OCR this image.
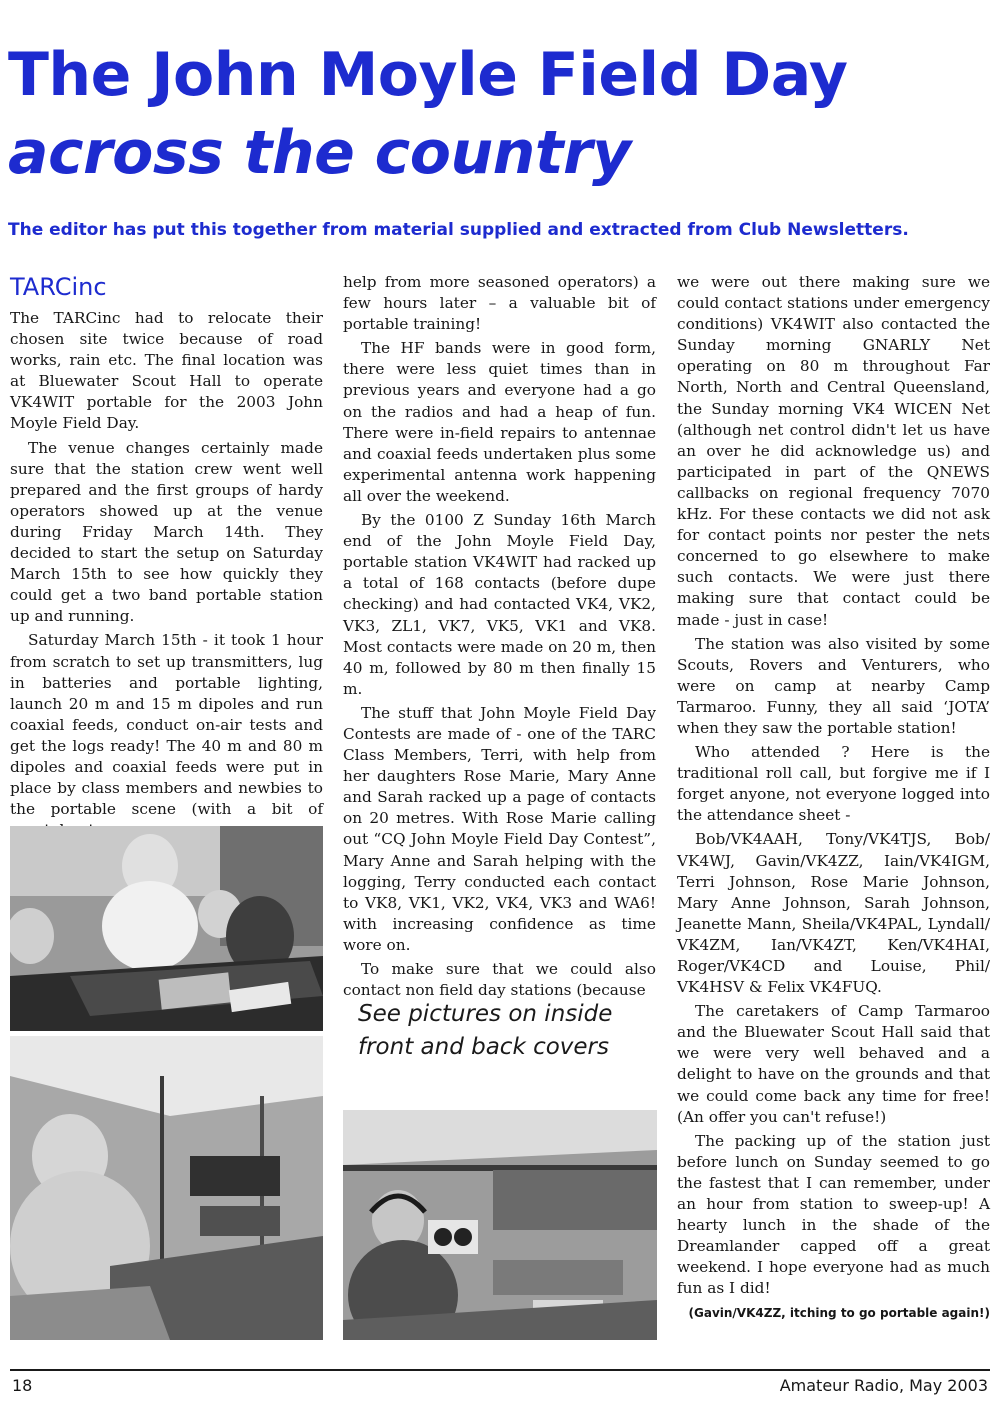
The John Moyle Field Day
across the country

The editor has put this together from material supplied and extracted from Club Newsletters.

TARCinc

The TARCinc had to relocate their chosen site twice because of road works, rain etc. The final location was at Bluewater Scout Hall to operate VK4WIT portable for the 2003 John Moyle Field Day.

The venue changes certainly made sure that the station crew went well prepared and the first groups of hardy operators showed up at the venue during Friday March 14th. They decided to start the setup on Saturday March 15th to see how quickly they could get a two band portable station up and running.

Saturday March 15th - it took 1 hour from scratch to set up transmitters, lug in batteries and portable lighting, launch 20 m and 15 m dipoles and run coaxial feeds, conduct on-air tests and get the logs ready! The 40 m and 80 m dipoles and coaxial feeds were put in place by class members and newbies to the portable scene (with a bit of

help from more seasoned operators) a few hours later – a valuable bit of portable training!

The HF bands were in good form, there were less quiet times than in previous years and everyone had a go on the radios and had a heap of fun. There were in-field repairs to antennae and coaxial feeds undertaken plus some experimental antenna work happening all over the weekend.

By the 0100 Z Sunday 16th March end of the John Moyle Field Day, portable station VK4WIT had racked up a total of 168 contacts (before dupe checking) and had contacted VK4, VK2, VK3, ZL1, VK7, VK5, VK1 and VK8. Most contacts were made on 20 m, then 40 m, followed by 80 m then finally 15 m.

The stuff that John Moyle Field Day Contests are made of - one of the TARC Class Members, Terri, with help from her daughters Rose Marie, Mary Anne and Sarah racked up a page of contacts on 20 metres. With Rose Marie calling out “CQ John Moyle Field Day Contest”, Mary Anne and Sarah helping with the logging, Terry conducted each contact to VK8, VK1, VK2, VK4, VK3 and WA6! with increasing confidence as time wore on.

To make sure that we could also contact non field day stations (because

See pictures on inside
front and back covers

we were out there making sure we could contact stations under emergency conditions) VK4WIT also contacted the Sunday morning GNARLY Net operating on 80 m throughout Far North, North and Central Queensland, the Sunday morning VK4 WICEN Net (although net control didn't let us have an over he did acknowledge us) and participated in part of the QNEWS callbacks on regional frequency 7070 kHz. For these contacts we did not ask for contact points nor pester the nets concerned to go elsewhere to make such contacts. We were just there making sure that contact could be made - just in case!

The station was also visited by some Scouts, Rovers and Venturers, who were on camp at nearby Camp Tarmaroo. Funny, they all said ‘JOTA’ when they saw the portable station!

Who attended ? Here is the traditional roll call, but forgive me if I forget anyone, not everyone logged into the attendance sheet -

Bob/VK4AAH, Tony/VK4TJS, Bob/ VK4WJ, Gavin/VK4ZZ, Iain/VK4IGM, Terri Johnson, Rose Marie Johnson, Mary Anne Johnson, Sarah Johnson, Jeanette Mann, Sheila/VK4PAL, Lyndall/ VK4ZM, Ian/VK4ZT, Ken/VK4HAI, Roger/VK4CD and Louise, Phil/ VK4HSV & Felix VK4FUQ.

The caretakers of Camp Tarmaroo and the Bluewater Scout Hall said that we were very well behaved and a delight to have on the grounds and that we could come back any time for free! (An offer you can't refuse!)

The packing up of the station just before lunch on Sunday seemed to go the fastest that I can remember, under an hour from station to sweep-up! A hearty lunch in the shade of the Dreamlander capped off a great weekend. I hope everyone had as much fun as I did!

(Gavin/VK4ZZ, itching to go portable again!)

18	Amateur Radio, May 2003
